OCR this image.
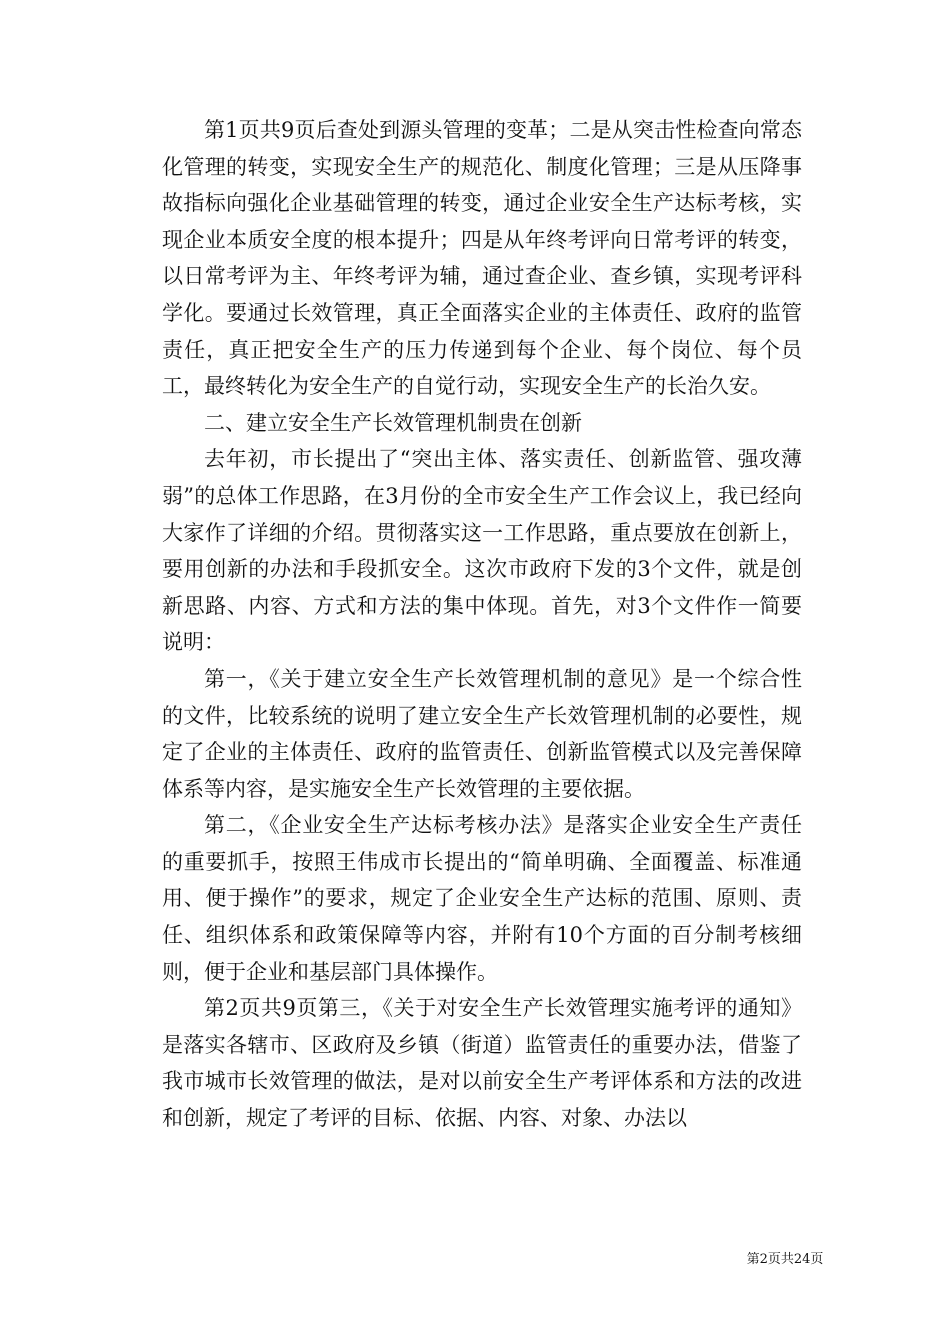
第1页共9页后查处到源头管理的变革；二是从突击性检查向常态化管理的转变，实现安全生产的规范化、制度化管理；三是从压降事故指标向强化企业基础管理的转变，通过企业安全生产达标考核，实现企业本质安全度的根本提升；四是从年终考评向日常考评的转变，以日常考评为主、年终考评为辅，通过查企业、查乡镇，实现考评科学化。要通过长效管理，真正全面落实企业的主体责任、政府的监管责任，真正把安全生产的压力传递到每个企业、每个岗位、每个员工，最终转化为安全生产的自觉行动，实现安全生产的长治久安。

二、建立安全生产长效管理机制贵在创新

去年初，市长提出了“突出主体、落实责任、创新监管、强攻薄弱”的总体工作思路，在3月份的全市安全生产工作会议上，我已经向大家作了详细的介绍。贯彻落实这一工作思路，重点要放在创新上，要用创新的办法和手段抓安全。这次市政府下发的3个文件，就是创新思路、内容、方式和方法的集中体现。首先，对3个文件作一简要说明：

第一，《关于建立安全生产长效管理机制的意见》是一个综合性的文件，比较系统的说明了建立安全生产长效管理机制的必要性，规定了企业的主体责任、政府的监管责任、创新监管模式以及完善保障体系等内容，是实施安全生产长效管理的主要依据。

第二，《企业安全生产达标考核办法》是落实企业安全生产责任的重要抓手，按照王伟成市长提出的“简单明确、全面覆盖、标准通用、便于操作”的要求，规定了企业安全生产达标的范围、原则、责任、组织体系和政策保障等内容，并附有10个方面的百分制考核细则，便于企业和基层部门具体操作。

第2页共9页第三，《关于对安全生产长效管理实施考评的通知》是落实各辖市、区政府及乡镇（街道）监管责任的重要办法，借鉴了我市城市长效管理的做法，是对以前安全生产考评体系和方法的改进和创新，规定了考评的目标、依据、内容、对象、办法以

第2页共24页
